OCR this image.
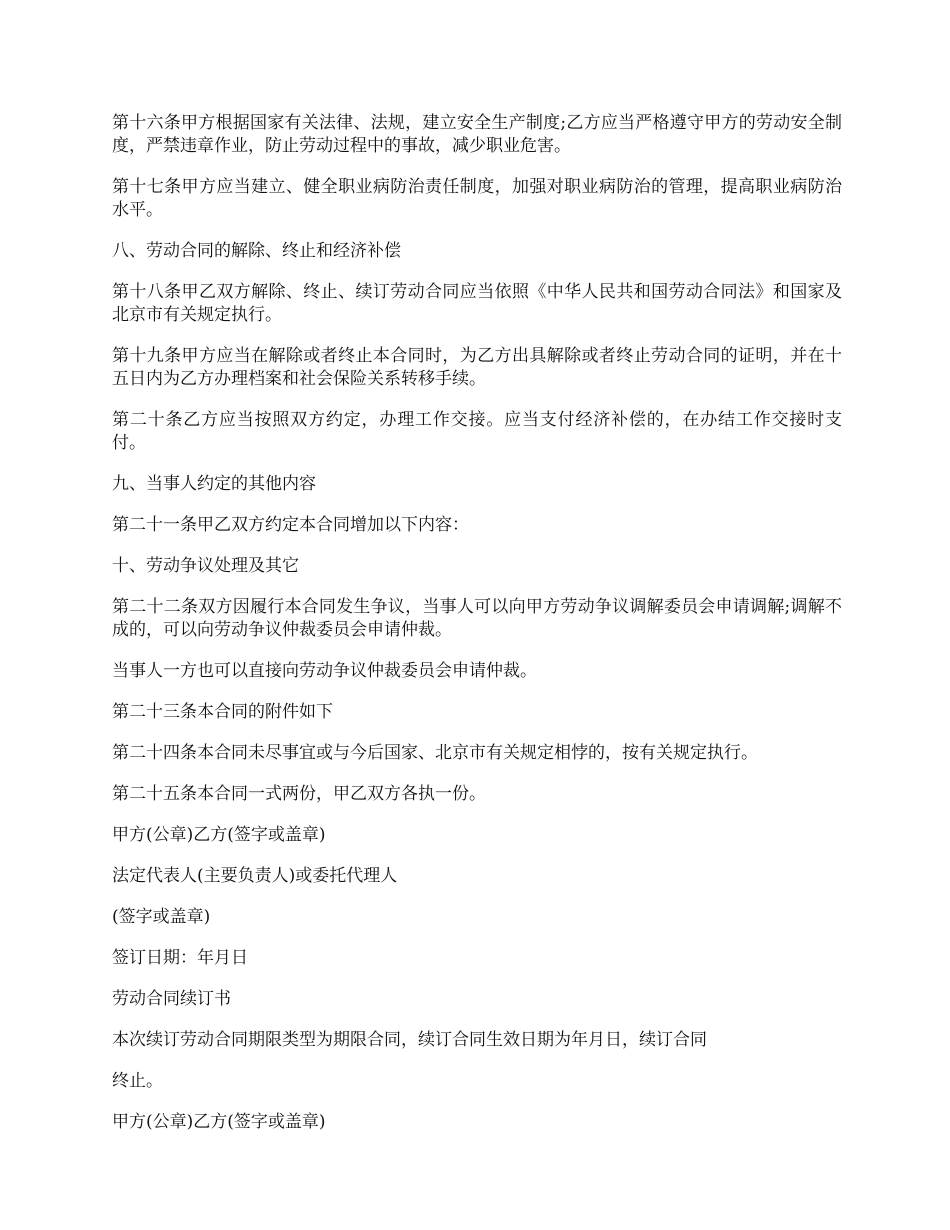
第十六条甲方根据国家有关法律、法规，建立安全生产制度;乙方应当严格遵守甲方的劳动安全制度，严禁违章作业，防止劳动过程中的事故，减少职业危害。

第十七条甲方应当建立、健全职业病防治责任制度，加强对职业病防治的管理，提高职业病防治水平。

八、劳动合同的解除、终止和经济补偿

第十八条甲乙双方解除、终止、续订劳动合同应当依照《中华人民共和国劳动合同法》和国家及北京市有关规定执行。

第十九条甲方应当在解除或者终止本合同时，为乙方出具解除或者终止劳动合同的证明，并在十五日内为乙方办理档案和社会保险关系转移手续。

第二十条乙方应当按照双方约定，办理工作交接。应当支付经济补偿的，在办结工作交接时支付。

九、当事人约定的其他内容

第二十一条甲乙双方约定本合同增加以下内容：

十、劳动争议处理及其它

第二十二条双方因履行本合同发生争议，当事人可以向甲方劳动争议调解委员会申请调解;调解不成的，可以向劳动争议仲裁委员会申请仲裁。

当事人一方也可以直接向劳动争议仲裁委员会申请仲裁。

第二十三条本合同的附件如下

第二十四条本合同未尽事宜或与今后国家、北京市有关规定相悖的，按有关规定执行。

第二十五条本合同一式两份，甲乙双方各执一份。

甲方(公章)乙方(签字或盖章)

法定代表人(主要负责人)或委托代理人

(签字或盖章)

签订日期：年月日

劳动合同续订书

本次续订劳动合同期限类型为期限合同，续订合同生效日期为年月日，续订合同

终止。

甲方(公章)乙方(签字或盖章)
